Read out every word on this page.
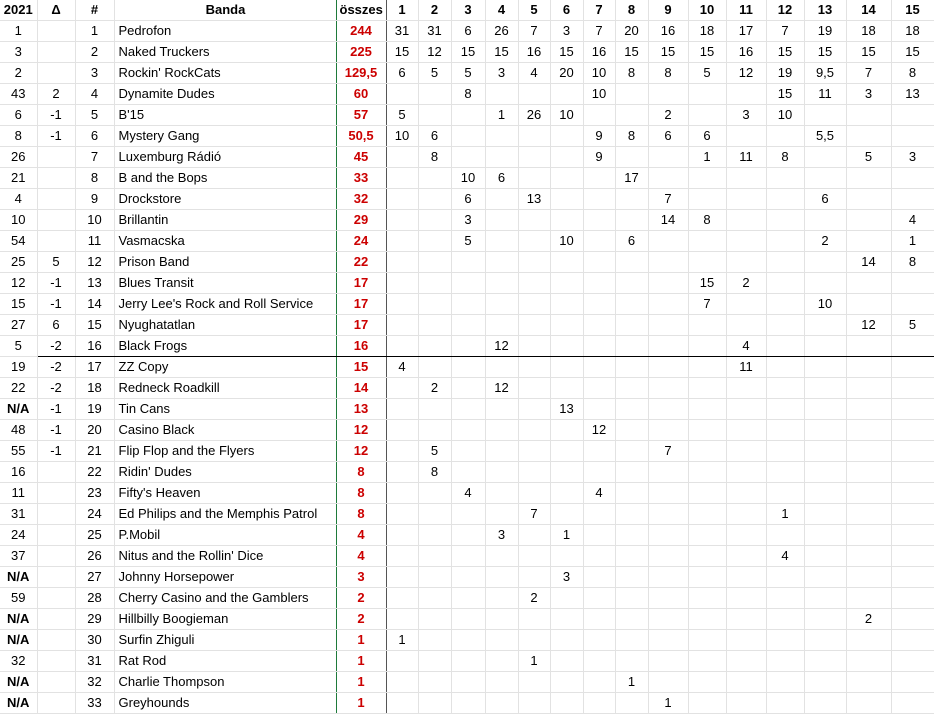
2021	Δ	#	Banda	összes	1	2	3	4	5	6	7	8	9	10	11	12	13	14	15
1		1	Pedrofon	244	31	31	6	26	7	3	7	20	16	18	17	7	19	18	18
3		2	Naked Truckers	225	15	12	15	15	16	15	16	15	15	15	16	15	15	15	15
2		3	Rockin' RockCats	129,5	6	5	5	3	4	20	10	8	8	5	12	19	9,5	7	8
43	2	4	Dynamite Dudes	60			8				10					15	11	3	13
6	-1	5	B'15	57	5			1	26	10			2		3	10			
8	-1	6	Mystery Gang	50,5	10	6					9	8	6	6			5,5		
26		7	Luxemburg Rádió	45		8					9			1	11	8		5	3
21		8	B and the Bops	33			10	6				17							
4		9	Drockstore	32			6		13				7				6		
10		10	Brillantin	29			3						14	8					4
54		11	Vasmacska	24			5			10		6					2		1
25	5	12	Prison Band	22														14	8
12	-1	13	Blues Transit	17										15	2				
15	-1	14	Jerry Lee's Rock and Roll Service	17										7			10		
27	6	15	Nyughatatlan	17														12	5
5	-2	16	Black Frogs	16				12							4				
19	-2	17	ZZ Copy	15	4										11				
22	-2	18	Redneck Roadkill	14		2		12											
N/A	-1	19	Tin Cans	13						13									
48	-1	20	Casino Black	12							12								
55	-1	21	Flip Flop and the Flyers	12		5							7						
16		22	Ridin' Dudes	8		8													
11		23	Fifty's Heaven	8			4				4								
31		24	Ed Philips and the Memphis Patrol	8					7							1			
24		25	P.Mobil	4				3		1									
37		26	Nitus and the Rollin' Dice	4												4			
N/A		27	Johnny Horsepower	3						3									
59		28	Cherry Casino and the Gamblers	2					2										
N/A		29	Hillbilly Boogieman	2														2	
N/A		30	Surfin Zhiguli	1	1														
32		31	Rat Rod	1					1										
N/A		32	Charlie Thompson	1								1							
N/A		33	Greyhounds	1									1						
